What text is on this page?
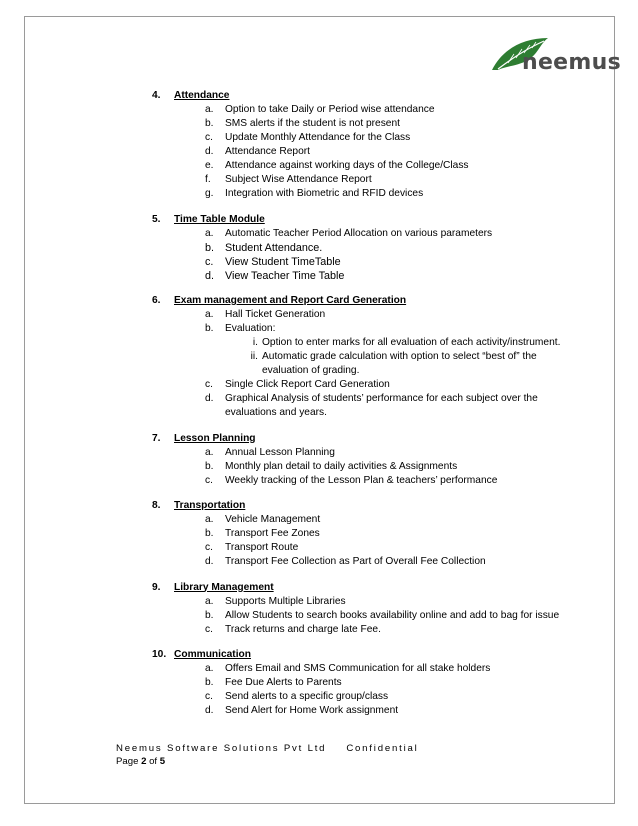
neemus
4. Attendance
a. Option to take Daily or Period wise attendance
b. SMS alerts if the student is not present
c. Update Monthly Attendance for the Class
d. Attendance Report
e. Attendance against working days of the College/Class
f. Subject Wise Attendance Report
g. Integration with Biometric and RFID devices
5. Time Table Module
a. Automatic Teacher Period Allocation on various parameters
b. Student Attendance.
c. View Student TimeTable
d. View Teacher Time Table
6. Exam management and Report Card Generation
a. Hall Ticket Generation
b. Evaluation:
i. Option to enter marks for all evaluation of each activity/instrument.
ii. Automatic grade calculation with option to select “best of” the
evaluation of grading.
c. Single Click Report Card Generation
d. Graphical Analysis of students’ performance for each subject over the
evaluations and years.
7. Lesson Planning
a. Annual Lesson Planning
b. Monthly plan detail to daily activities & Assignments
c. Weekly tracking of the Lesson Plan & teachers’ performance
8. Transportation
a. Vehicle Management
b. Transport Fee Zones
c. Transport Route
d. Transport Fee Collection as Part of Overall Fee Collection
9. Library Management
a. Supports Multiple Libraries
b. Allow Students to search books availability online and add to bag for issue
c. Track returns and charge late Fee.
10. Communication
a. Offers Email and SMS Communication for all stake holders
b. Fee Due Alerts to Parents
c. Send alerts to a specific group/class
d. Send Alert for Home Work assignment
Neemus Software Solutions Pvt Ltd Confidential
Page 2 of 5
